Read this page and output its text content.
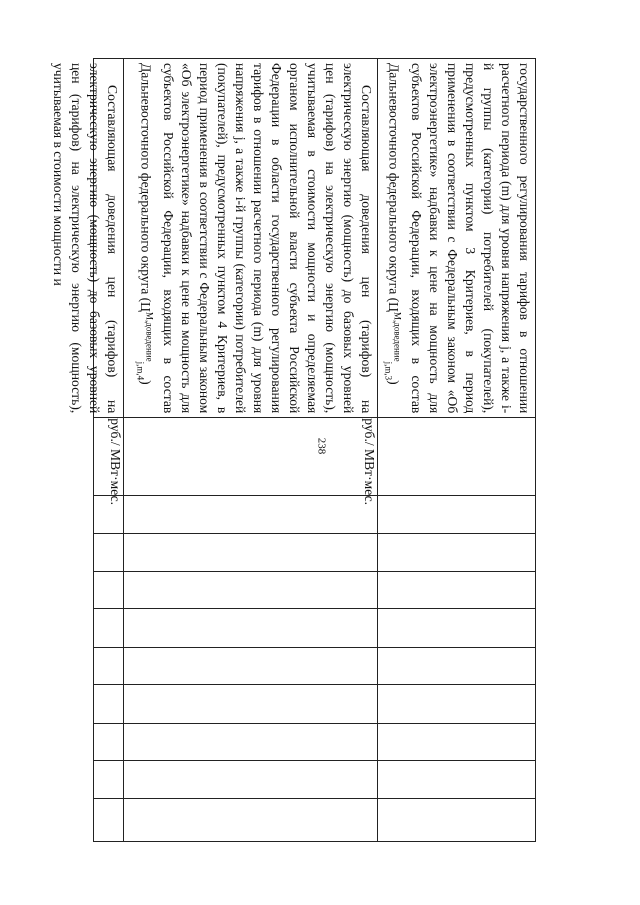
238

государственного регулирования тарифов в отношении расчетного периода (m) для уровня напряжения j, а также i-й группы (категории) потребителей (покупателей), предусмотренных пунктом 3 Критериев, в период применения в соответствии с Федеральным законом «Об электроэнергетике» надбавки к цене на мощность для субъектов Российской Федерации, входящих в состав Дальневосточного федерального округа $(Ц^{M,доведение}_{j,m,3})$										

Составляющая доведения цен (тарифов) на электрическую энергию (мощность) до базовых уровней цен (тарифов) на электрическую энергию (мощность), учитываемая в стоимости мощности и определяемая органом исполнительной власти субъекта Российской Федерации в области государственного регулирования тарифов в отношении расчетного периода (m) для уровня напряжения j, а также i-й группы (категории) потребителей (покупателей), предусмотренных пунктом 4 Критериев, в период применения в соответствии с Федеральным законом «Об электроэнергетике» надбавки к цене на мощность для субъектов Российской Федерации, входящих в состав Дальневосточного федерального округа $(Ц^{M,доведение}_{j,m,4})$	руб./ МВт·мес.									

Составляющая доведения цен (тарифов) на электрическую энергию (мощность) до базовых уровней цен (тарифов) на электрическую энергию (мощность), учитываемая в стоимости мощности и	руб./ МВт·мес.									
